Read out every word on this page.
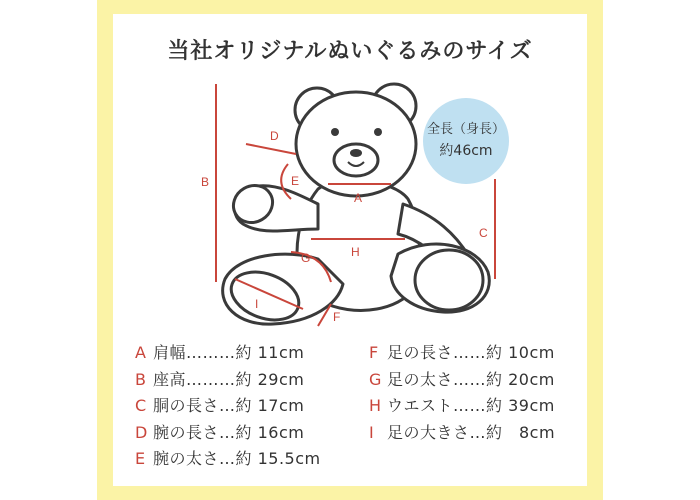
当社オリジナルぬいぐるみのサイズ
A
B
C
D
E
F
G	H
I
全長（身長）
約46cm
A 肩幅………約 11cm
B 座高………約 29cm
C 胴の長さ…約 17cm
D 腕の長さ…約 16cm
E 腕の太さ…約 15.5cm
F 足の長さ……約 10cm
G 足の太さ……約 20cm
H ウエスト……約 39cm
I 足の大きさ…約　8cm
